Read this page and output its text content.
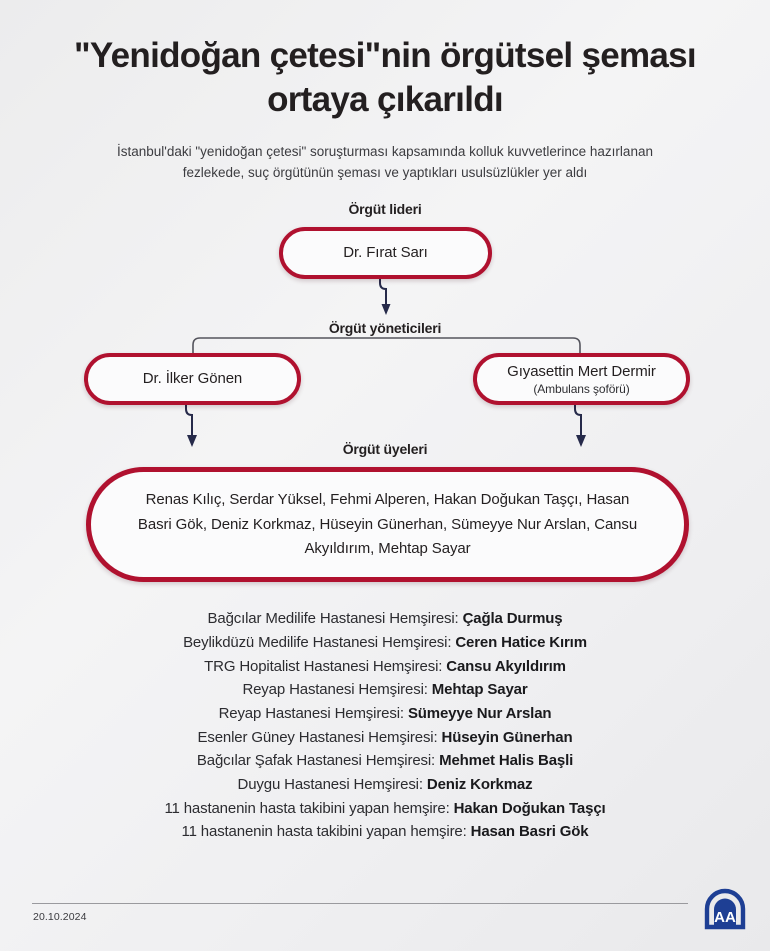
"Yenidoğan çetesi"nin örgütsel şeması ortaya çıkarıldı
İstanbul'daki "yenidoğan çetesi" soruşturması kapsamında kolluk kuvvetlerince hazırlanan fezlekede, suç örgütünün şeması ve yaptıkları usulsüzlükler yer aldı
Örgüt lideri
Dr. Fırat Sarı
Örgüt yöneticileri
Dr. İlker Gönen	Gıyasettin Mert Dermir
(Ambulans şoförü)
Örgüt üyeleri
Renas Kılıç, Serdar Yüksel, Fehmi Alperen, Hakan Doğukan Taşçı, Hasan Basri Gök, Deniz Korkmaz, Hüseyin Günerhan, Sümeyye Nur Arslan, Cansu Akyıldırım, Mehtap Sayar
Bağcılar Medilife Hastanesi Hemşiresi: Çağla Durmuş
Beylikdüzü Medilife Hastanesi Hemşiresi: Ceren Hatice Kırım
TRG Hopitalist Hastanesi Hemşiresi: Cansu Akyıldırım
Reyap Hastanesi Hemşiresi: Mehtap Sayar
Reyap Hastanesi Hemşiresi: Sümeyye Nur Arslan
Esenler Güney Hastanesi Hemşiresi: Hüseyin Günerhan
Bağcılar Şafak Hastanesi Hemşiresi: Mehmet Halis Başli
Duygu Hastanesi Hemşiresi: Deniz Korkmaz
11 hastanenin hasta takibini yapan hemşire: Hakan Doğukan Taşçı
11 hastanenin hasta takibini yapan hemşire: Hasan Basri Gök
20.10.2024	AA
